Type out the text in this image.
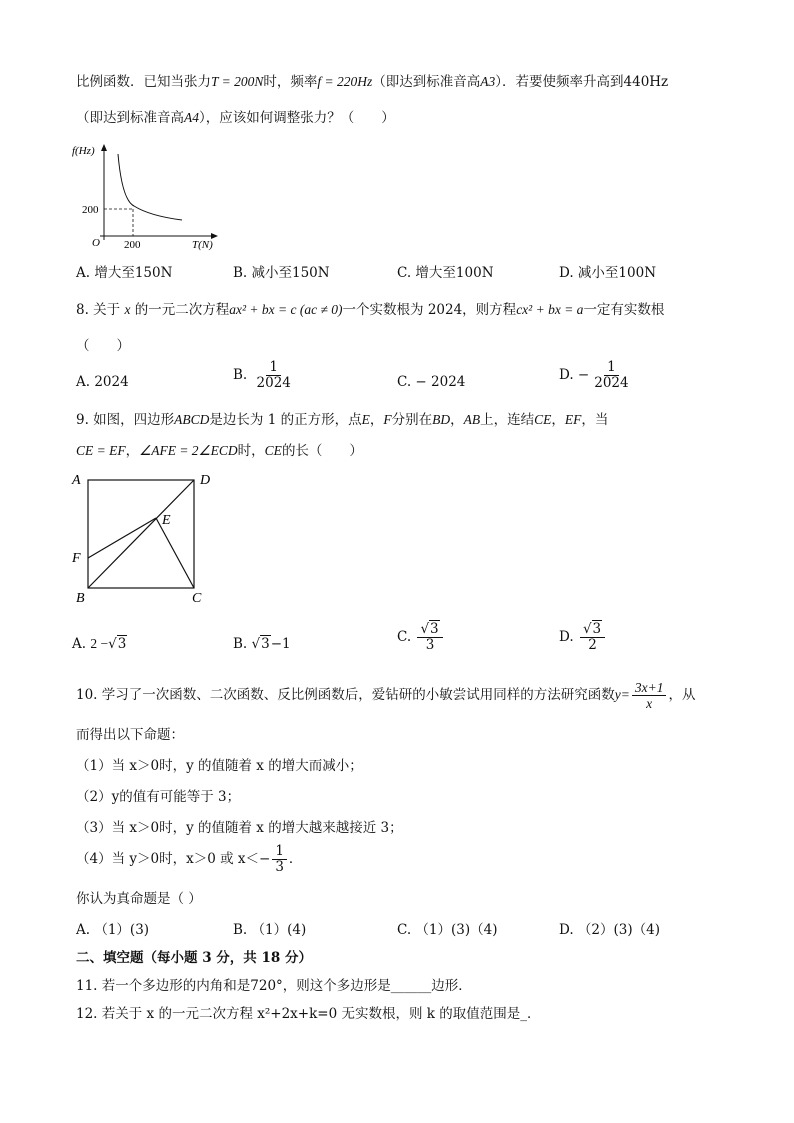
比例函数．已知当张力T = 200N时，频率f = 220Hz（即达到标准音高A3）．若要使频率升高到440Hz
（即达到标准音高A4），应该如何调整张力？（　　）
f(Hz)
T(N)
O
200
200
A. 增大至150N	B. 减小至150N	C. 增大至100N	D. 减小至100N
8. 关于 x 的一元二次方程ax² + bx = c (ac ≠ 0)一个实数根为 2024，则方程cx² + bx = a一定有实数根
（　　）
A. 2024	B. $\frac{1}{2024}$	C. − 2024	D. − $\frac{1}{2024}$
9. 如图，四边形ABCD是边长为 1 的正方形，点E，F分别在BD，AB上，连结CE，EF，当
CE = EF，∠AFE = 2∠ECD时，CE的长（　　）
A	D
E
F
B	C
A. 2 −√3	B. √3−1	C. $\frac{√3}{3}$	D. $\frac{√3}{2}$
10. 学习了一次函数、二次函数、反比例函数后，爱钻研的小敏尝试用同样的方法研究函数$y= \frac{3x+1}{x}$ ，从
而得出以下命题：
（1）当 x＞0时，y 的值随着 x 的增大而减小；
（2）y的值有可能等于 3；
（3）当 x＞0时，y 的值随着 x 的增大越来越接近 3；
（4）当 y＞0时，x＞0 或 $x<- \frac{1}{3}$ ．
你认为真命题是（ ）
A. （1）(3)	B. （1）(4)	C. （1）(3)（4)	D. （2）(3)（4)
二、填空题（每小题 3 分，共 18 分）
11. 若一个多边形的内角和是720°，则这个多边形是______边形．
12. 若关于 x 的一元二次方程 x²+2x+k=0 无实数根，则 k 的取值范围是_．
